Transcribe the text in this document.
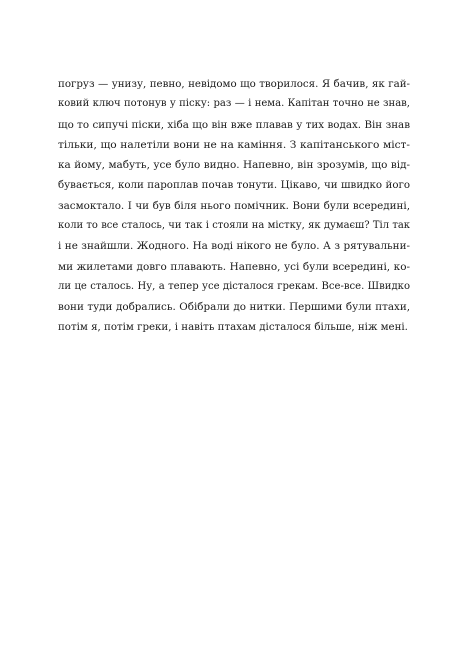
погруз — унизу, певно, невідомо що творилося. Я бачив, як гай-
ковий ключ потонув у піску: раз — і нема. Капітан точно не знав,
що то сипучі піски, хіба що він вже плавав у тих водах. Він знав
тільки, що налетіли вони не на каміння. З капітанського міст-
ка йому, мабуть, усе було видно. Напевно, він зрозумів, що від-
бувається, коли пароплав почав тонути. Цікаво, чи швидко його
засмоктало. І чи був біля нього помічник. Вони були всередині,
коли то все сталось, чи так і стояли на містку, як думаєш? Тіл так
і не знайшли. Жодного. На воді нікого не було. А з рятувальни-
ми жилетами довго плавають. Напевно, усі були всередині, ко-
ли це сталось. Ну, а тепер усе дісталося грекам. Все-все. Швидко
вони туди добрались. Обібрали до нитки. Першими були птахи,
потім я, потім греки, і навіть птахам дісталося більше, ніж мені.
